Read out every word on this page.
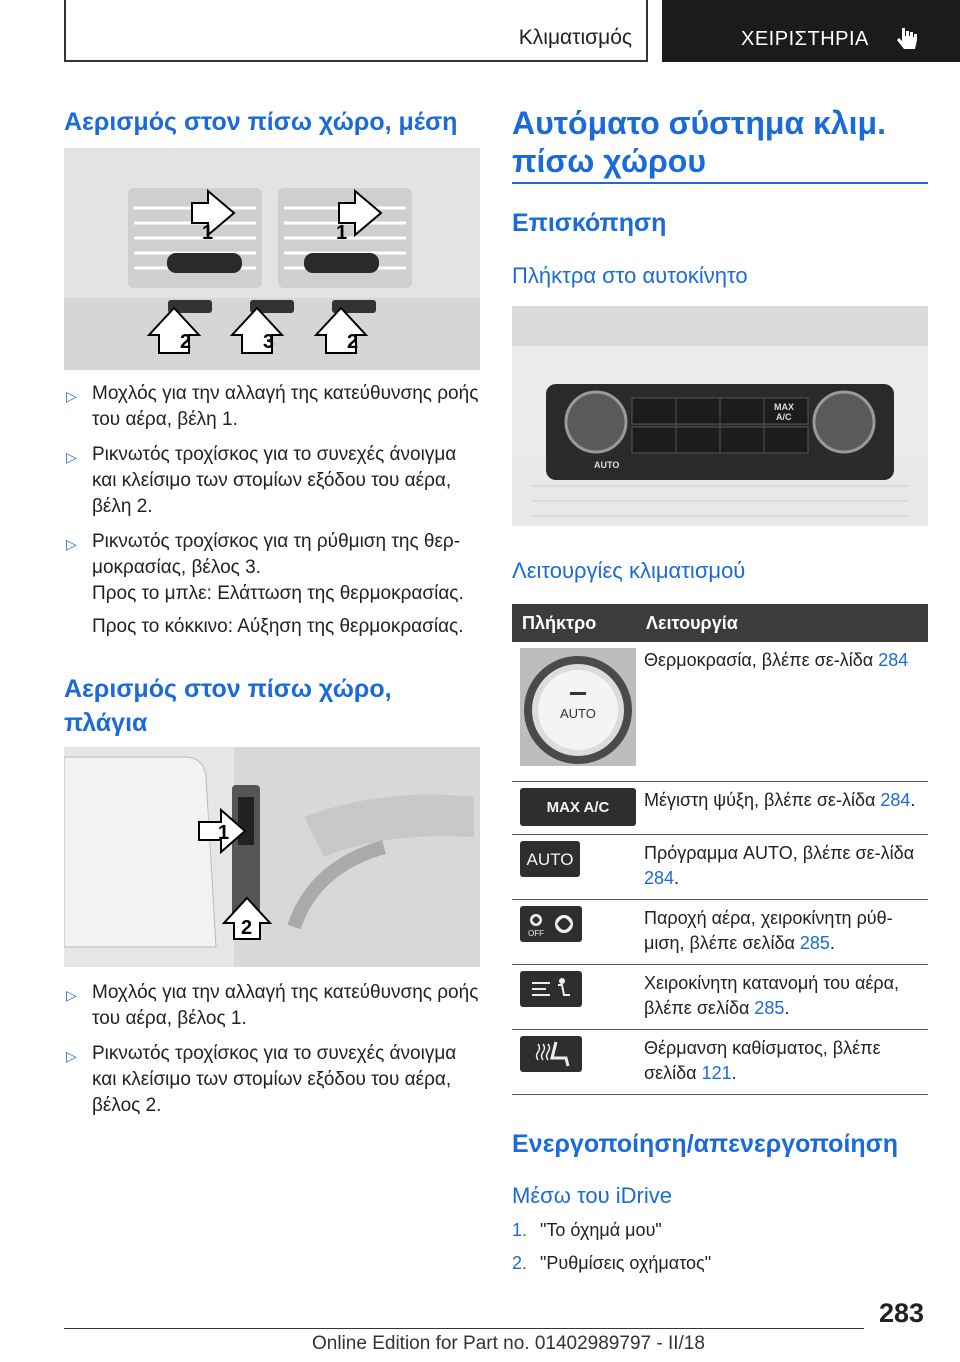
Κλιματισμός	ΧΕΙΡΙΣΤΗΡΙΑ
Αερισμός στον πίσω χώρο, μέση
1	1
2	3	2
▷ Μοχλός για την αλλαγή της κατεύθυνσης ροής του αέρα, βέλη 1.
▷ Ρικνωτός τροχίσκος για το συνεχές άνοιγμα και κλείσιμο των στομίων εξόδου του αέρα, βέλη 2.
▷ Ρικνωτός τροχίσκος για τη ρύθμιση της θερ‐μοκρασίας, βέλος 3.
Προς το μπλε: Ελάττωση της θερμοκρασίας.
Προς το κόκκινο: Αύξηση της θερμοκρασίας.
Αερισμός στον πίσω χώρο,
πλάγια
1
2
▷ Μοχλός για την αλλαγή της κατεύθυνσης ροής του αέρα, βέλος 1.
▷ Ρικνωτός τροχίσκος για το συνεχές άνοιγμα και κλείσιμο των στομίων εξόδου του αέρα, βέλος 2.
Αυτόματο σύστημα κλιμ.
πίσω χώρου
Επισκόπηση
Πλήκτρα στο αυτοκίνητο
AUTO
MAX
A/C
Λειτουργίες κλιματισμού
Πλήκτρο	Λειτουργία

AUTO	Θερμοκρασία, βλέπε σε‐λίδα 284

MAX A/C	Μέγιστη ψύξη, βλέπε σε‐λίδα 284.

AUTO	Πρόγραμμα AUTO, βλέπε σε‐λίδα 284.

OFF	Παροχή αέρα, χειροκίνητη ρύθ‐μιση, βλέπε σελίδα 285.
	Χειροκίνητη κατανομή του αέρα, βλέπε σελίδα 285.
	Θέρμανση καθίσματος, βλέπε σελίδα 121.
Ενεργοποίηση/απενεργοποίηση
Μέσω του iDrive
1. "Το όχημά μου"
2. "Ρυθμίσεις οχήματος"
283
Online Edition for Part no. 01402989797 - II/18
